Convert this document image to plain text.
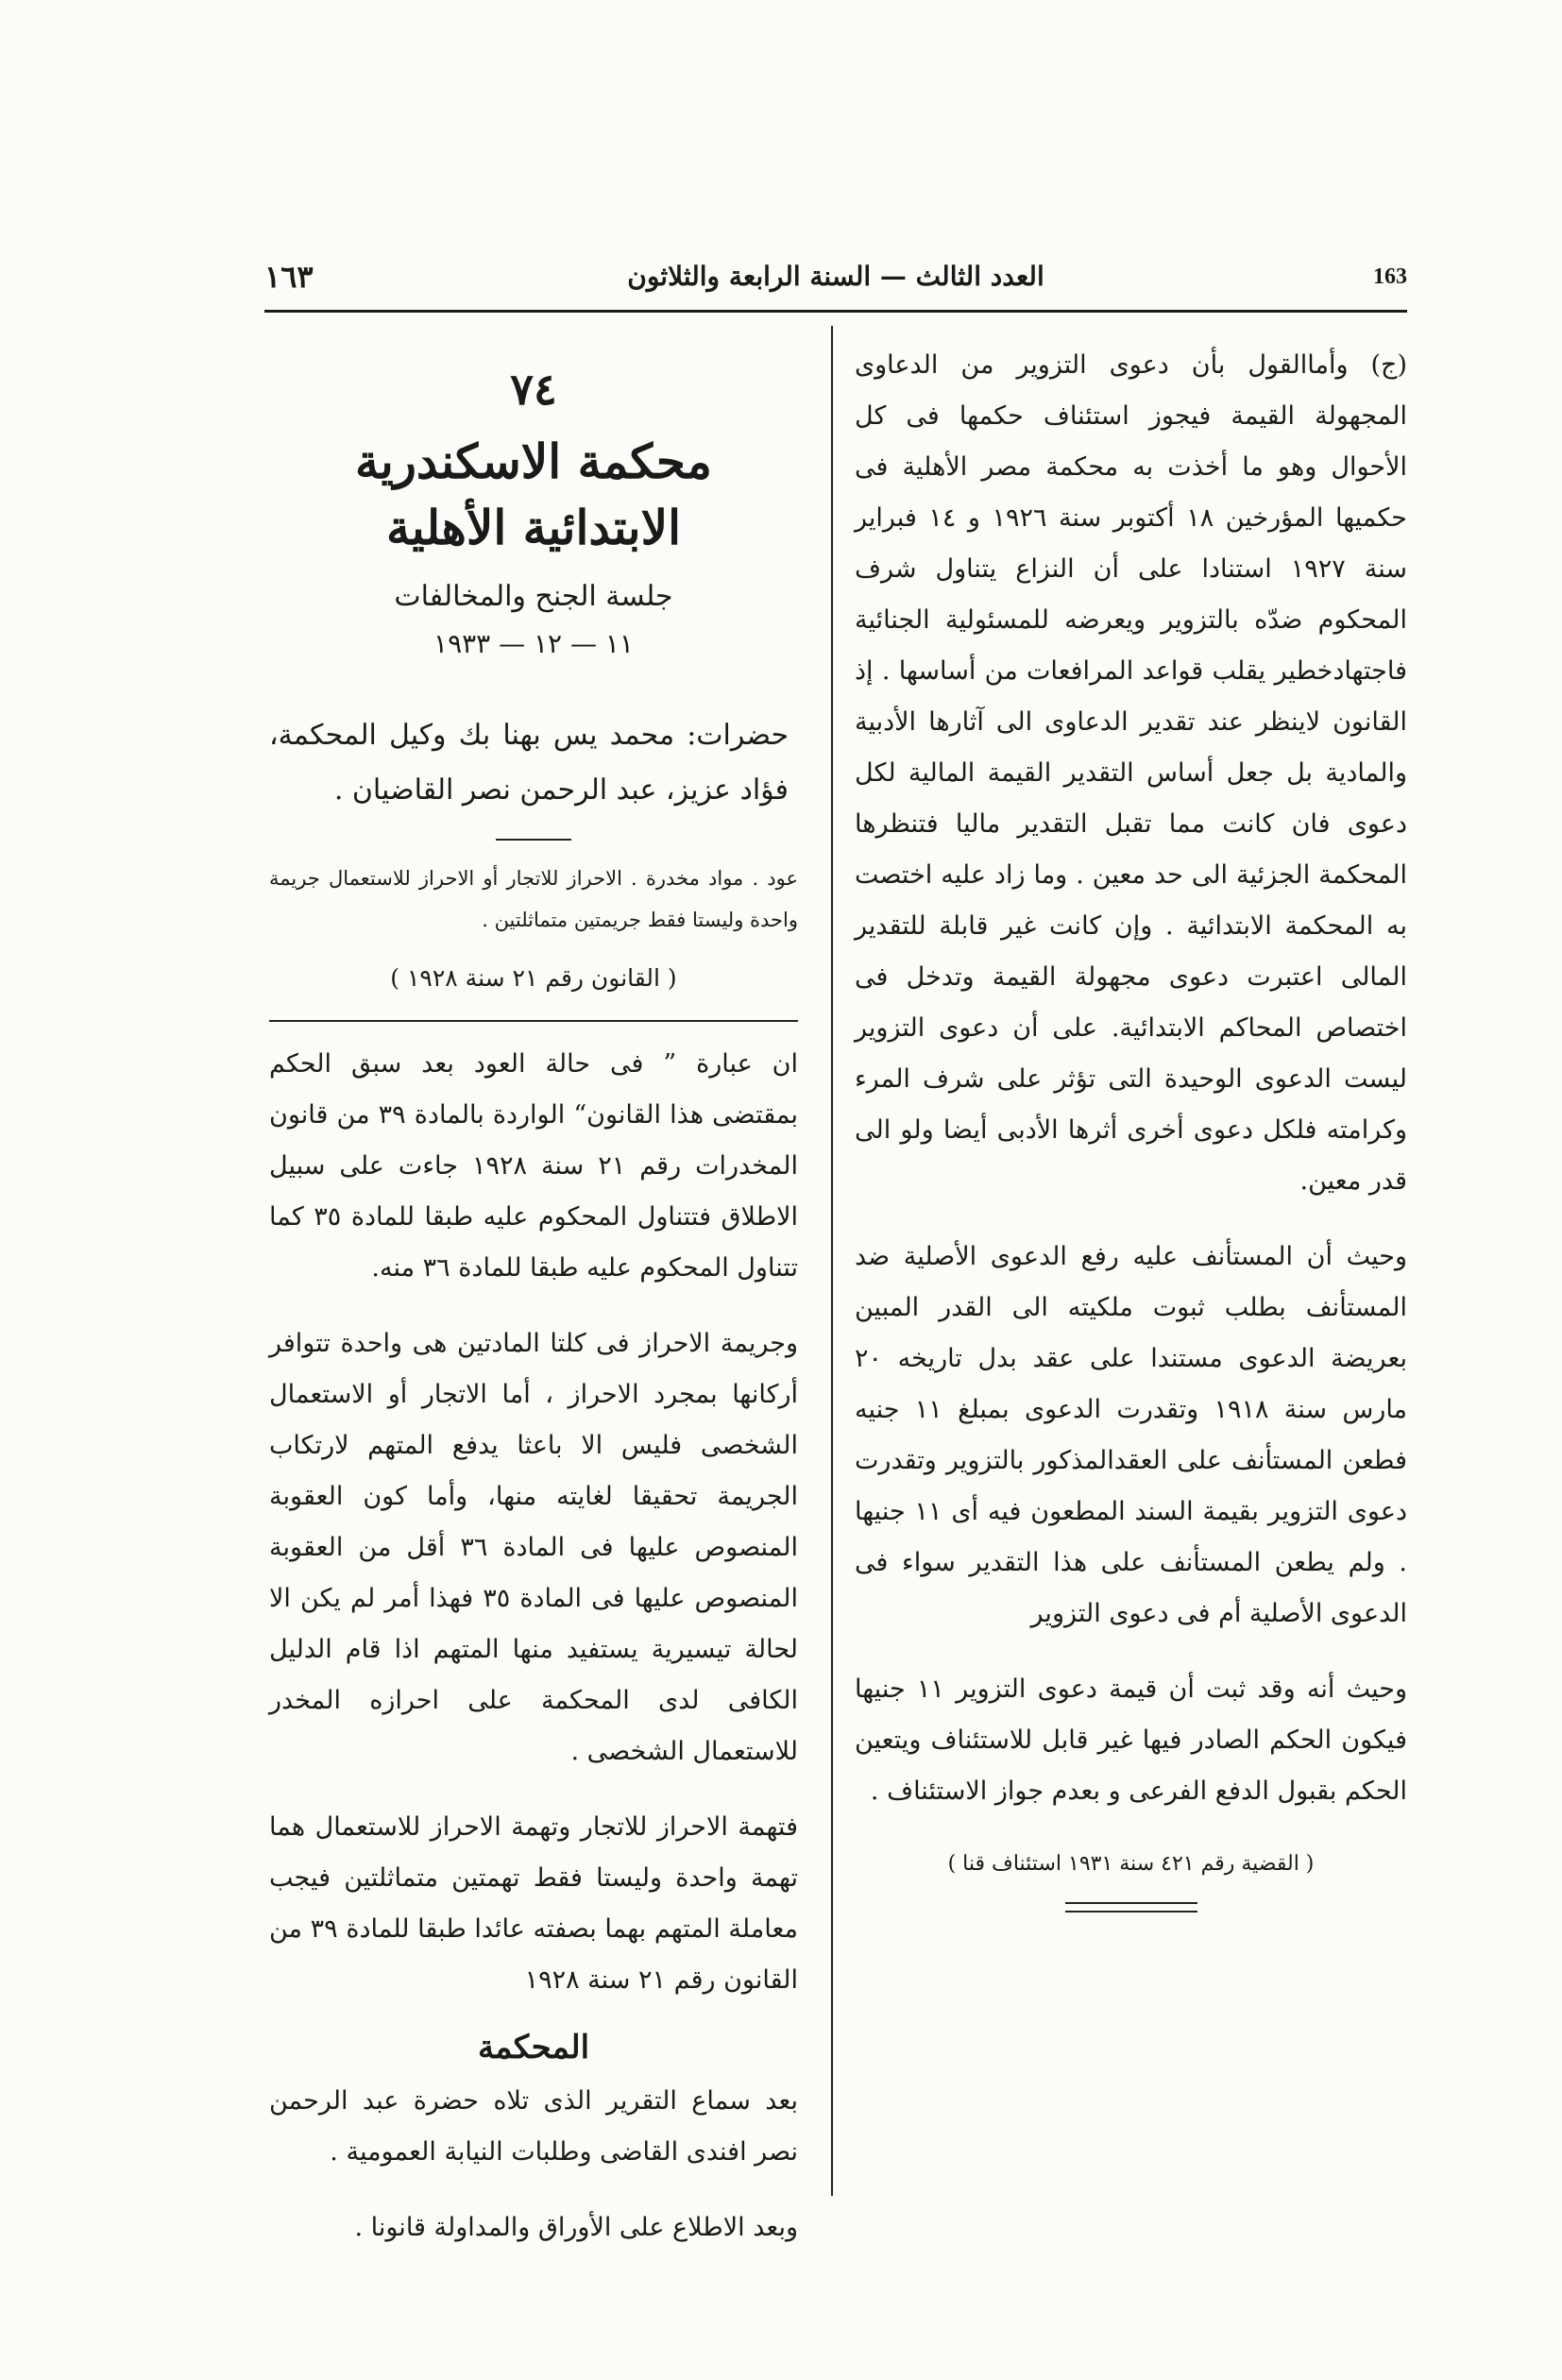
١٦٣	العدد الثالث — السنة الرابعة والثلاثون	163

(ج) وأماالقول بأن دعوى التزوير من الدعاوى المجهولة القيمة فيجوز استئناف حكمها فى كل الأحوال وهو ما أخذت به محكمة مصر الأهلية فى حكميها المؤرخين ١٨ أكتوبر سنة ١٩٢٦ و ١٤ فبراير سنة ١٩٢٧ استنادا على أن النزاع يتناول شرف المحكوم ضدّه بالتزوير ويعرضه للمسئولية الجنائية فاجتهادخطير يقلب قواعد المرافعات من أساسها . إذ القانون لاينظر عند تقدير الدعاوى الى آثارها الأدبية والمادية بل جعل أساس التقدير القيمة المالية لكل دعوى فان كانت مما تقبل التقدير ماليا فتنظرها المحكمة الجزئية الى حد معين . وما زاد عليه اختصت به المحكمة الابتدائية . وإن كانت غير قابلة للتقدير المالى اعتبرت دعوى مجهولة القيمة وتدخل فى اختصاص المحاكم الابتدائية. على أن دعوى التزوير ليست الدعوى الوحيدة التى تؤثر على شرف المرء وكرامته فلكل دعوى أخرى أثرها الأدبى أيضا ولو الى قدر معين.

وحيث أن المستأنف عليه رفع الدعوى الأصلية ضد المستأنف بطلب ثبوت ملكيته الى القدر المبين بعريضة الدعوى مستندا على عقد بدل تاريخه ٢٠ مارس سنة ١٩١٨ وتقدرت الدعوى بمبلغ ١١ جنيه فطعن المستأنف على العقدالمذكور بالتزوير وتقدرت دعوى التزوير بقيمة السند المطعون فيه أى ١١ جنيها . ولم يطعن المستأنف على هذا التقدير سواء فى الدعوى الأصلية أم فى دعوى التزوير

وحيث أنه وقد ثبت أن قيمة دعوى التزوير ١١ جنيها فيكون الحكم الصادر فيها غير قابل للاستئناف ويتعين الحكم بقبول الدفع الفرعى و بعدم جواز الاستئناف .

( القضية رقم ٤٢١ سنة ١٩٣١ استئناف قنا )
٧٤
محكمة الاسكندرية الابتدائية الأهلية
جلسة الجنح والمخالفات
١١ — ١٢ — ١٩٣٣
حضرات: محمد يس بهنا بك وكيل المحكمة، فؤاد عزيز، عبد الرحمن نصر القاضيان .
عود . مواد مخدرة . الاحراز للاتجار أو الاحراز للاستعمال جريمة واحدة وليستا فقط جريمتين متماثلتين .
( القانون رقم ٢١ سنة ١٩٢٨ )

ان عبارة ” فى حالة العود بعد سبق الحكم بمقتضى هذا القانون“ الواردة بالمادة ٣٩ من قانون المخدرات رقم ٢١ سنة ١٩٢٨ جاءت على سبيل الاطلاق فتتناول المحكوم عليه طبقا للمادة ٣٥ كما تتناول المحكوم عليه طبقا للمادة ٣٦ منه.

وجريمة الاحراز فى كلتا المادتين هى واحدة تتوافر أركانها بمجرد الاحراز ، أما الاتجار أو الاستعمال الشخصى فليس الا باعثا يدفع المتهم لارتكاب الجريمة تحقيقا لغايته منها، وأما كون العقوبة المنصوص عليها فى المادة ٣٦ أقل من العقوبة المنصوص عليها فى المادة ٣٥ فهذا أمر لم يكن الا لحالة تيسيرية يستفيد منها المتهم اذا قام الدليل الكافى لدى المحكمة على احرازه المخدر للاستعمال الشخصى .

فتهمة الاحراز للاتجار وتهمة الاحراز للاستعمال هما تهمة واحدة وليستا فقط تهمتين متماثلتين فيجب معاملة المتهم بهما بصفته عائدا طبقا للمادة ٣٩ من القانون رقم ٢١ سنة ١٩٢٨

المحكمة

بعد سماع التقرير الذى تلاه حضرة عبد الرحمن نصر افندى القاضى وطلبات النيابة العمومية .

وبعد الاطلاع على الأوراق والمداولة قانونا .
